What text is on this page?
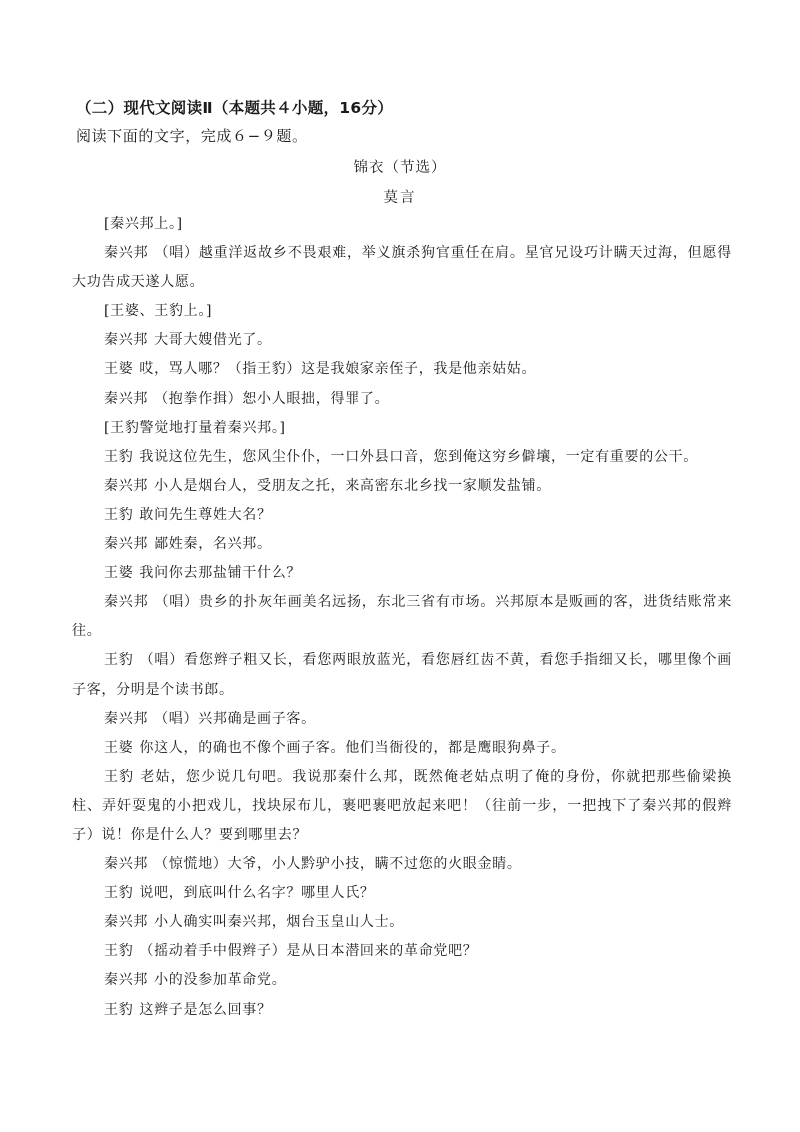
（二）现代文阅读Ⅱ（本题共４小题，16分）
阅读下面的文字，完成６−９题。
锦衣（节选）
莫言

[秦兴邦上。]

秦兴邦 （唱）越重洋返故乡不畏艰难，举义旗杀狗官重任在肩。星官兄设巧计瞒天过海，但愿得大功告成天遂人愿。

[王婆、王豹上。]

秦兴邦 大哥大嫂借光了。

王婆 哎，骂人哪？（指王豹）这是我娘家亲侄子，我是他亲姑姑。

秦兴邦 （抱拳作揖）恕小人眼拙，得罪了。

[王豹警觉地打量着秦兴邦。]

王豹 我说这位先生，您风尘仆仆，一口外县口音，您到俺这穷乡僻壤，一定有重要的公干。

秦兴邦 小人是烟台人，受朋友之托，来高密东北乡找一家顺发盐铺。

王豹 敢问先生尊姓大名？

秦兴邦 鄙姓秦，名兴邦。

王婆 我问你去那盐铺干什么？

秦兴邦 （唱）贵乡的扑灰年画美名远扬，东北三省有市场。兴邦原本是贩画的客，进货结账常来往。

王豹 （唱）看您辫子粗又长，看您两眼放蓝光，看您唇红齿不黄，看您手指细又长，哪里像个画子客，分明是个读书郎。

秦兴邦 （唱）兴邦确是画子客。

王婆 你这人，的确也不像个画子客。他们当衙役的，都是鹰眼狗鼻子。

王豹 老姑，您少说几句吧。我说那秦什么邦，既然俺老姑点明了俺的身份，你就把那些偷梁换柱、弄奸耍鬼的小把戏儿，找块尿布儿，裹吧裹吧放起来吧！（往前一步，一把拽下了秦兴邦的假辫子）说！你是什么人？要到哪里去？

秦兴邦 （惊慌地）大爷，小人黔驴小技，瞒不过您的火眼金睛。

王豹 说吧，到底叫什么名字？哪里人氏？

秦兴邦 小人确实叫秦兴邦，烟台玉皇山人士。

王豹 （摇动着手中假辫子）是从日本潜回来的革命党吧？

秦兴邦 小的没参加革命党。

王豹 这辫子是怎么回事？
